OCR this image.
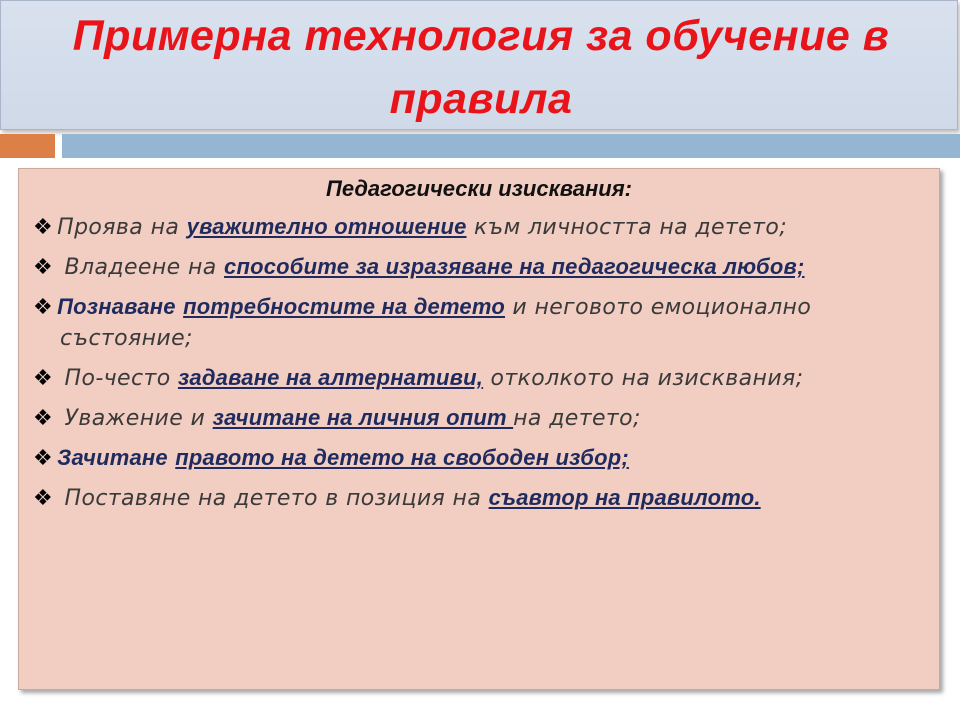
Примерна технология за обучение в правила
Педагогически изисквания:
❖ Проява на уважително отношение към личността на детето;
❖ Владеене на способите за изразяване на педагогическа любов;
❖ Познаване потребностите на детето и неговото емоционално състояние;
❖ По-често задаване на алтернативи, отколкото на изисквания;
❖ Уважение и зачитане на личния опит на детето;
❖ Зачитане правото на детето на свободен избор;
❖ Поставяне на детето в позиция на съавтор на правилото.
